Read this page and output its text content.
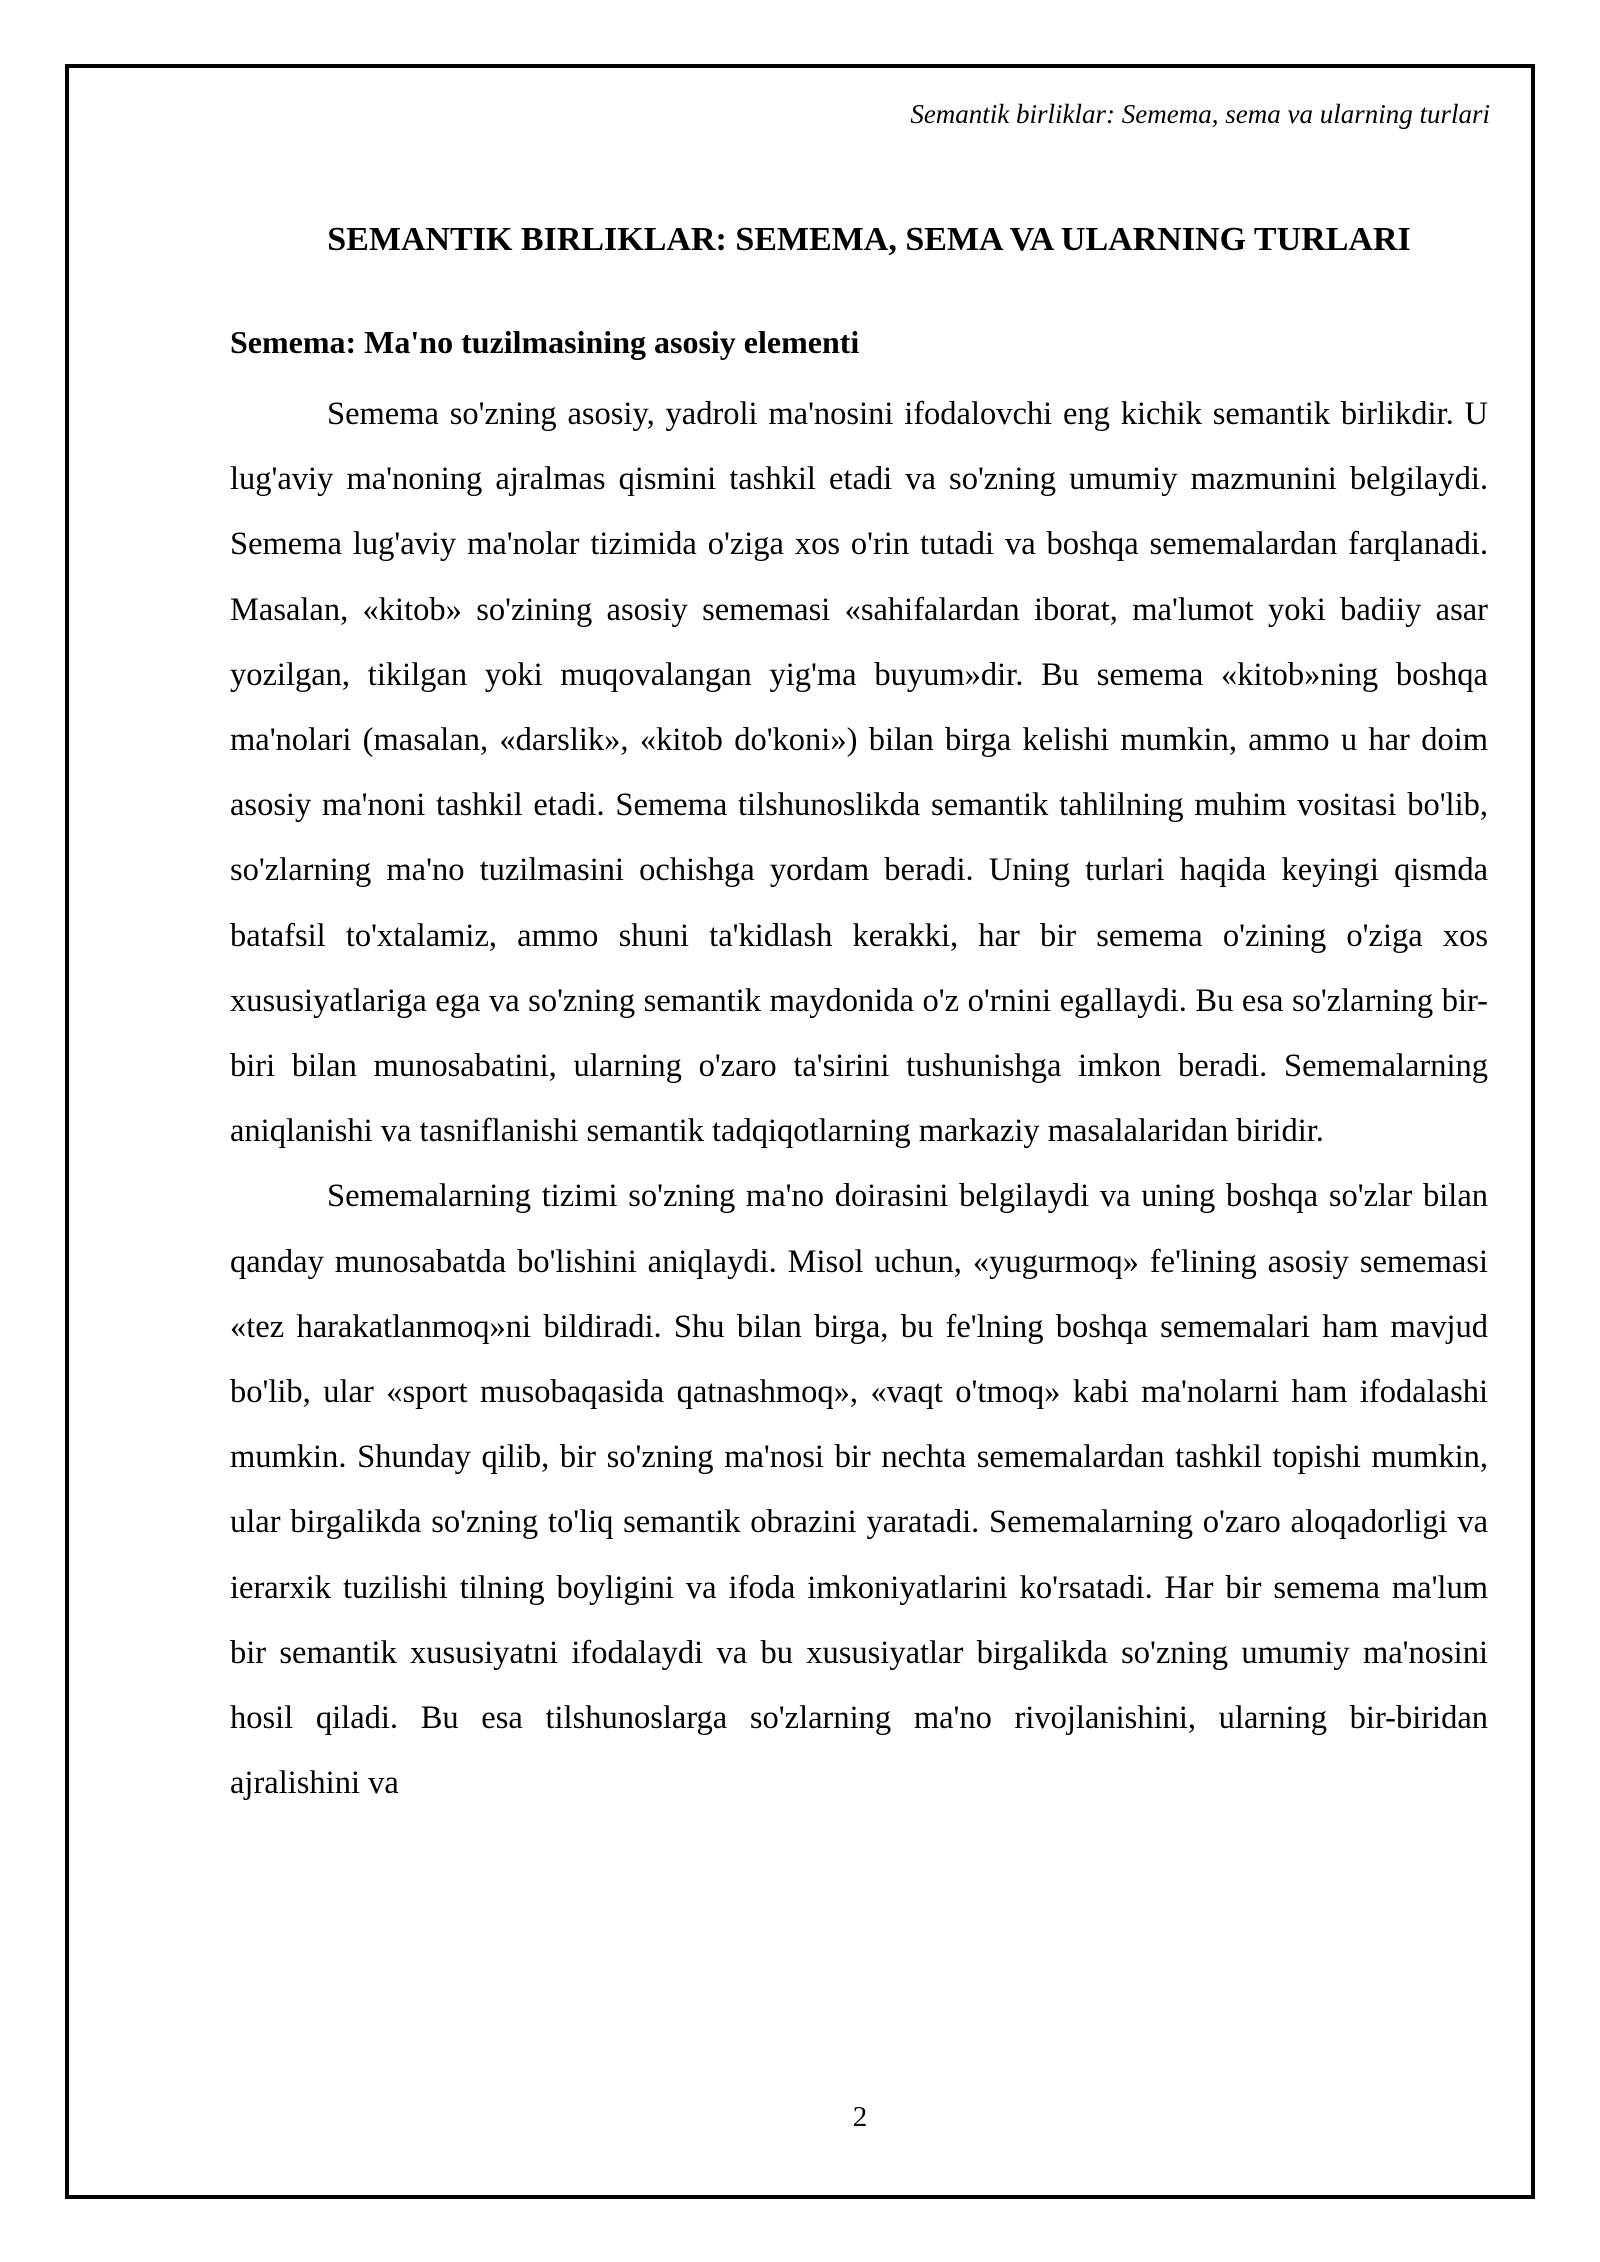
Semantik birliklar: Semema, sema va ularning turlari
SEMANTIK BIRLIKLAR: SEMEMA, SEMA VA ULARNING TURLARI
Semema: Ma'no tuzilmasining asosiy elementi

Semema so'zning asosiy, yadroli ma'nosini ifodalovchi eng kichik semantik birlikdir. U lug'aviy ma'noning ajralmas qismini tashkil etadi va so'zning umumiy mazmunini belgilaydi. Semema lug'aviy ma'nolar tizimida o'ziga xos o'rin tutadi va boshqa sememalardan farqlanadi. Masalan, «kitob» so'zining asosiy sememasi «sahifalardan iborat, ma'lumot yoki badiiy asar yozilgan, tikilgan yoki muqovalangan yig'ma buyum»dir. Bu semema «kitob»ning boshqa ma'nolari (masalan, «darslik», «kitob do'koni») bilan birga kelishi mumkin, ammo u har doim asosiy ma'noni tashkil etadi. Semema tilshunoslikda semantik tahlilning muhim vositasi bo'lib, so'zlarning ma'no tuzilmasini ochishga yordam beradi. Uning turlari haqida keyingi qismda batafsil to'xtalamiz, ammo shuni ta'kidlash kerakki, har bir semema o'zining o'ziga xos xususiyatlariga ega va so'zning semantik maydonida o'z o'rnini egallaydi. Bu esa so'zlarning bir-biri bilan munosabatini, ularning o'zaro ta'sirini tushunishga imkon beradi. Sememalarning aniqlanishi va tasniflanishi semantik tadqiqotlarning markaziy masalalaridan biridir.

Sememalarning tizimi so'zning ma'no doirasini belgilaydi va uning boshqa so'zlar bilan qanday munosabatda bo'lishini aniqlaydi. Misol uchun, «yugurmoq» fe'lining asosiy sememasi «tez harakatlanmoq»ni bildiradi. Shu bilan birga, bu fe'lning boshqa sememalari ham mavjud bo'lib, ular «sport musobaqasida qatnashmoq», «vaqt o'tmoq» kabi ma'nolarni ham ifodalashi mumkin. Shunday qilib, bir so'zning ma'nosi bir nechta sememalardan tashkil topishi mumkin, ular birgalikda so'zning to'liq semantik obrazini yaratadi. Sememalarning o'zaro aloqadorligi va ierarxik tuzilishi tilning boyligini va ifoda imkoniyatlarini ko'rsatadi. Har bir semema ma'lum bir semantik xususiyatni ifodalaydi va bu xususiyatlar birgalikda so'zning umumiy ma'nosini hosil qiladi. Bu esa tilshunoslarga so'zlarning ma'no rivojlanishini, ularning bir-biridan ajralishini va

2
